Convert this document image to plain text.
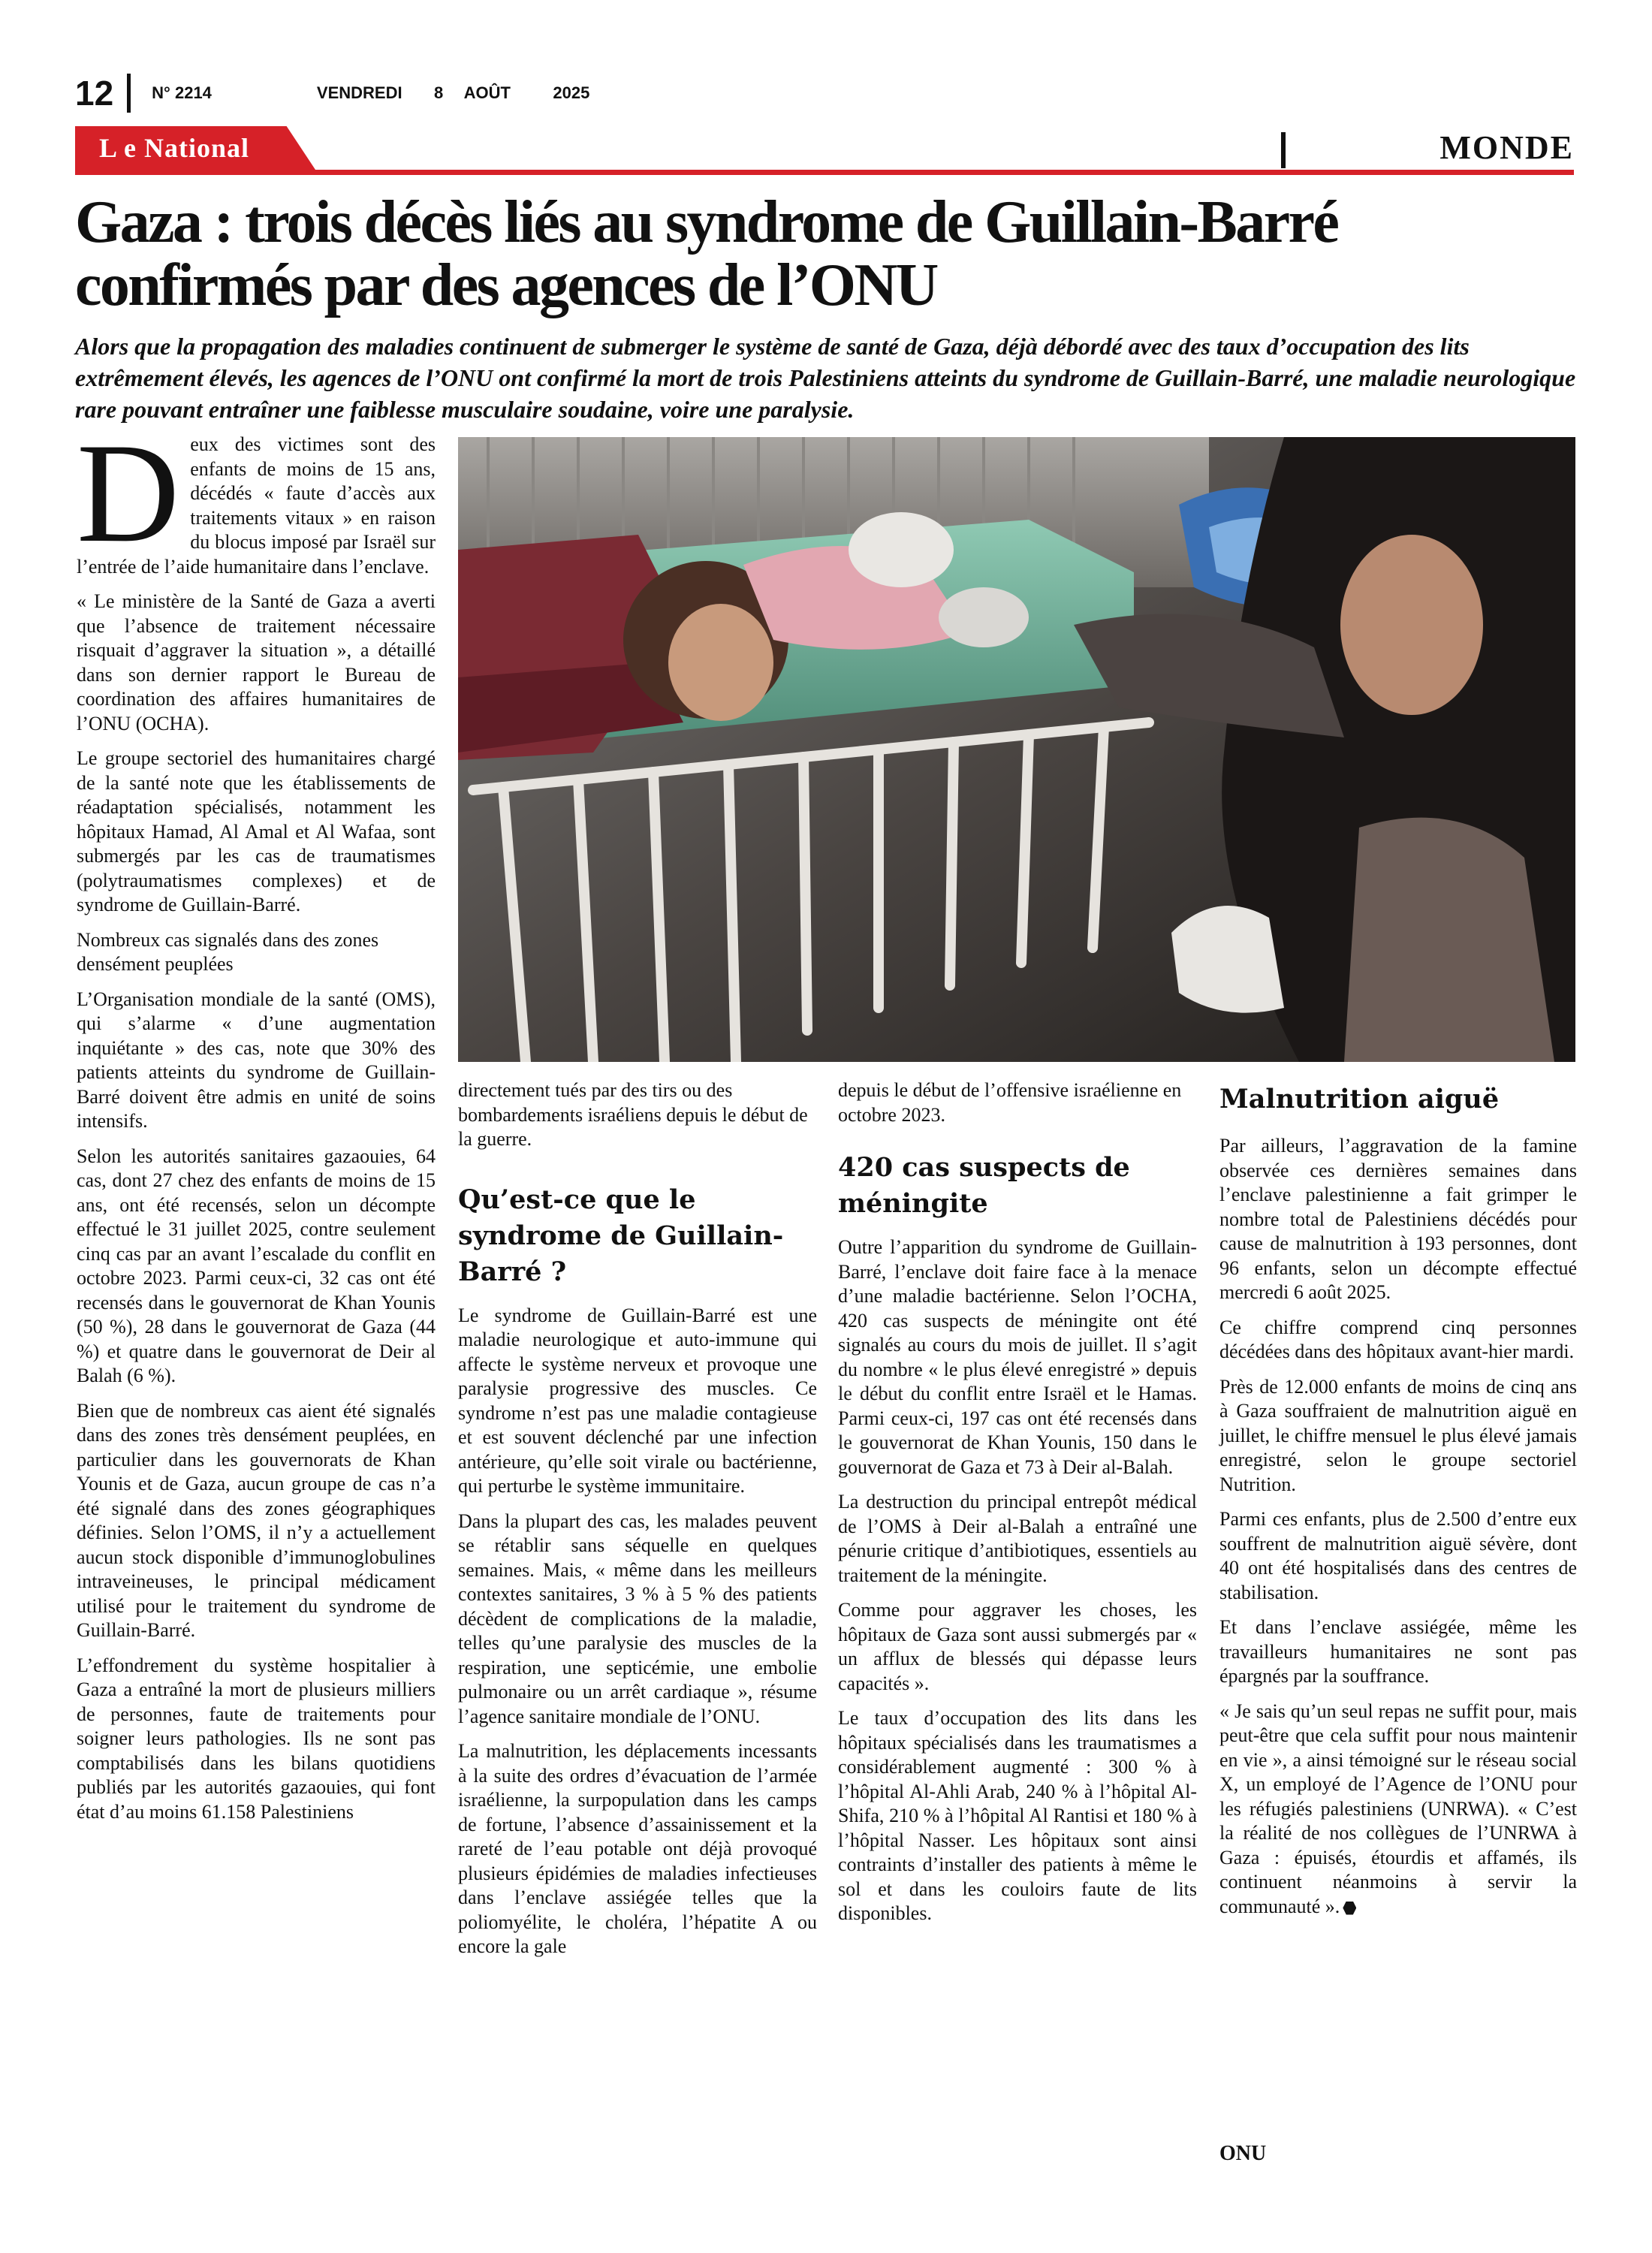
12 N° 2214	VENDREDI   8  AOÛT    2025
L e National	MONDE
Gaza : trois décès liés au syndrome de Guillain-Barré confirmés par des agences de l’ONU

Alors que la propagation des maladies continuent de submerger le système de santé de Gaza, déjà débordé avec des taux d’occupation des lits extrêmement élevés, les agences de l’ONU ont confirmé la mort de trois Palestiniens atteints du syndrome de Guillain-Barré, une maladie neurologique rare pouvant entraîner une faiblesse musculaire soudaine, voire une paralysie.

Deux des victimes sont des enfants de moins de 15 ans, décédés « faute d’accès aux traitements vitaux » en raison du blocus imposé par Israël sur l’entrée de l’aide humanitaire dans l’enclave.

« Le ministère de la Santé de Gaza a averti que l’absence de traitement nécessaire risquait d’aggraver la situation », a détaillé dans son dernier rapport le Bureau de coordination des affaires humanitaires de l’ONU (OCHA).

Le groupe sectoriel des humanitaires chargé de la santé note que les établissements de réadaptation spécialisés, notamment les hôpitaux Hamad, Al Amal et Al Wafaa, sont submergés par les cas de traumatismes (polytraumatismes complexes) et de syndrome de Guillain-Barré.

Nombreux cas signalés dans des zones densément peuplées

L’Organisation mondiale de la santé (OMS), qui s’alarme « d’une augmentation inquiétante » des cas, note que 30% des patients atteints du syndrome de Guillain-Barré doivent être admis en unité de soins intensifs.

Selon les autorités sanitaires gazaouies, 64 cas, dont 27 chez des enfants de moins de 15 ans, ont été recensés, selon un décompte effectué le 31 juillet 2025, contre seulement cinq cas par an avant l’escalade du conflit en octobre 2023. Parmi ceux-ci, 32 cas ont été recensés dans le gouvernorat de Khan Younis (50 %), 28 dans le gouvernorat de Gaza (44 %) et quatre dans le gouvernorat de Deir al Balah (6 %).

Bien que de nombreux cas aient été signalés dans des zones très densément peuplées, en particulier dans les gouvernorats de Khan Younis et de Gaza, aucun groupe de cas n’a été signalé dans des zones géographiques définies. Selon l’OMS, il n’y a actuellement aucun stock disponible d’immunoglobulines intraveineuses, le principal médicament utilisé pour le traitement du syndrome de Guillain-Barré.

L’effondrement du système hospitalier à Gaza a entraîné la mort de plusieurs milliers de personnes, faute de traitements pour soigner leurs pathologies. Ils ne sont pas comptabilisés dans les bilans quotidiens publiés par les autorités gazaouies, qui font état d’au moins 61.158 Palestiniens

directement tués par des tirs ou des bombardements israéliens depuis le début de la guerre.

Qu’est-ce que le syndrome de Guillain-Barré ?

Le syndrome de Guillain-Barré est une maladie neurologique et auto-immune qui affecte le système nerveux et provoque une paralysie progressive des muscles. Ce syndrome n’est pas une maladie contagieuse et est souvent déclenché par une infection antérieure, qu’elle soit virale ou bactérienne, qui perturbe le système immunitaire.

Dans la plupart des cas, les malades peuvent se rétablir sans séquelle en quelques semaines. Mais, « même dans les meilleurs contextes sanitaires, 3 % à 5 % des patients décèdent de complications de la maladie, telles qu’une paralysie des muscles de la respiration, une septicémie, une embolie pulmonaire ou un arrêt cardiaque », résume l’agence sanitaire mondiale de l’ONU.

La malnutrition, les déplacements incessants à la suite des ordres d’évacuation de l’armée israélienne, la surpopulation dans les camps de fortune, l’absence d’assainissement et la rareté de l’eau potable ont déjà provoqué plusieurs épidémies de maladies infectieuses dans l’enclave assiégée telles que la poliomyélite, le choléra, l’hépatite A ou encore la gale

depuis le début de l’offensive israélienne en octobre 2023.

420 cas suspects de méningite

Outre l’apparition du syndrome de Guillain-Barré, l’enclave doit faire face à la menace d’une maladie bactérienne. Selon l’OCHA, 420 cas suspects de méningite ont été signalés au cours du mois de juillet. Il s’agit du nombre « le plus élevé enregistré » depuis le début du conflit entre Israël et le Hamas. Parmi ceux-ci, 197 cas ont été recensés dans le gouvernorat de Khan Younis, 150 dans le gouvernorat de Gaza et 73 à Deir al-Balah.

La destruction du principal entrepôt médical de l’OMS à Deir al-Balah a entraîné une pénurie critique d’antibiotiques, essentiels au traitement de la méningite.

Comme pour aggraver les choses, les hôpitaux de Gaza sont aussi submergés par « un afflux de blessés qui dépasse leurs capacités ».

Le taux d’occupation des lits dans les hôpitaux spécialisés dans les traumatismes a considérablement augmenté : 300 % à l’hôpital Al-Ahli Arab, 240 % à l’hôpital Al-Shifa, 210 % à l’hôpital Al Rantisi et 180 % à l’hôpital Nasser. Les hôpitaux sont ainsi contraints d’installer des patients à même le sol et dans les couloirs faute de lits disponibles.

Malnutrition aiguë

Par ailleurs, l’aggravation de la famine observée ces dernières semaines dans l’enclave palestinienne a fait grimper le nombre total de Palestiniens décédés pour cause de malnutrition à 193 personnes, dont 96 enfants, selon un décompte effectué mercredi 6 août 2025.

Ce chiffre comprend cinq personnes décédées dans des hôpitaux avant-hier mardi.

Près de 12.000 enfants de moins de cinq ans à Gaza souffraient de malnutrition aiguë en juillet, le chiffre mensuel le plus élevé jamais enregistré, selon le groupe sectoriel Nutrition.

Parmi ces enfants, plus de 2.500 d’entre eux souffrent de malnutrition aiguë sévère, dont 40 ont été hospitalisés dans des centres de stabilisation.

Et dans l’enclave assiégée, même les travailleurs humanitaires ne sont pas épargnés par la souffrance.

« Je sais qu’un seul repas ne suffit pour, mais peut-être que cela suffit pour nous maintenir en vie », a ainsi témoigné sur le réseau social X, un employé de l’Agence de l’ONU pour les réfugiés palestiniens (UNRWA). « C’est la réalité de nos collègues de l’UNRWA à Gaza : épuisés, étourdis et affamés, ils continuent néanmoins à servir la communauté ».

ONU
